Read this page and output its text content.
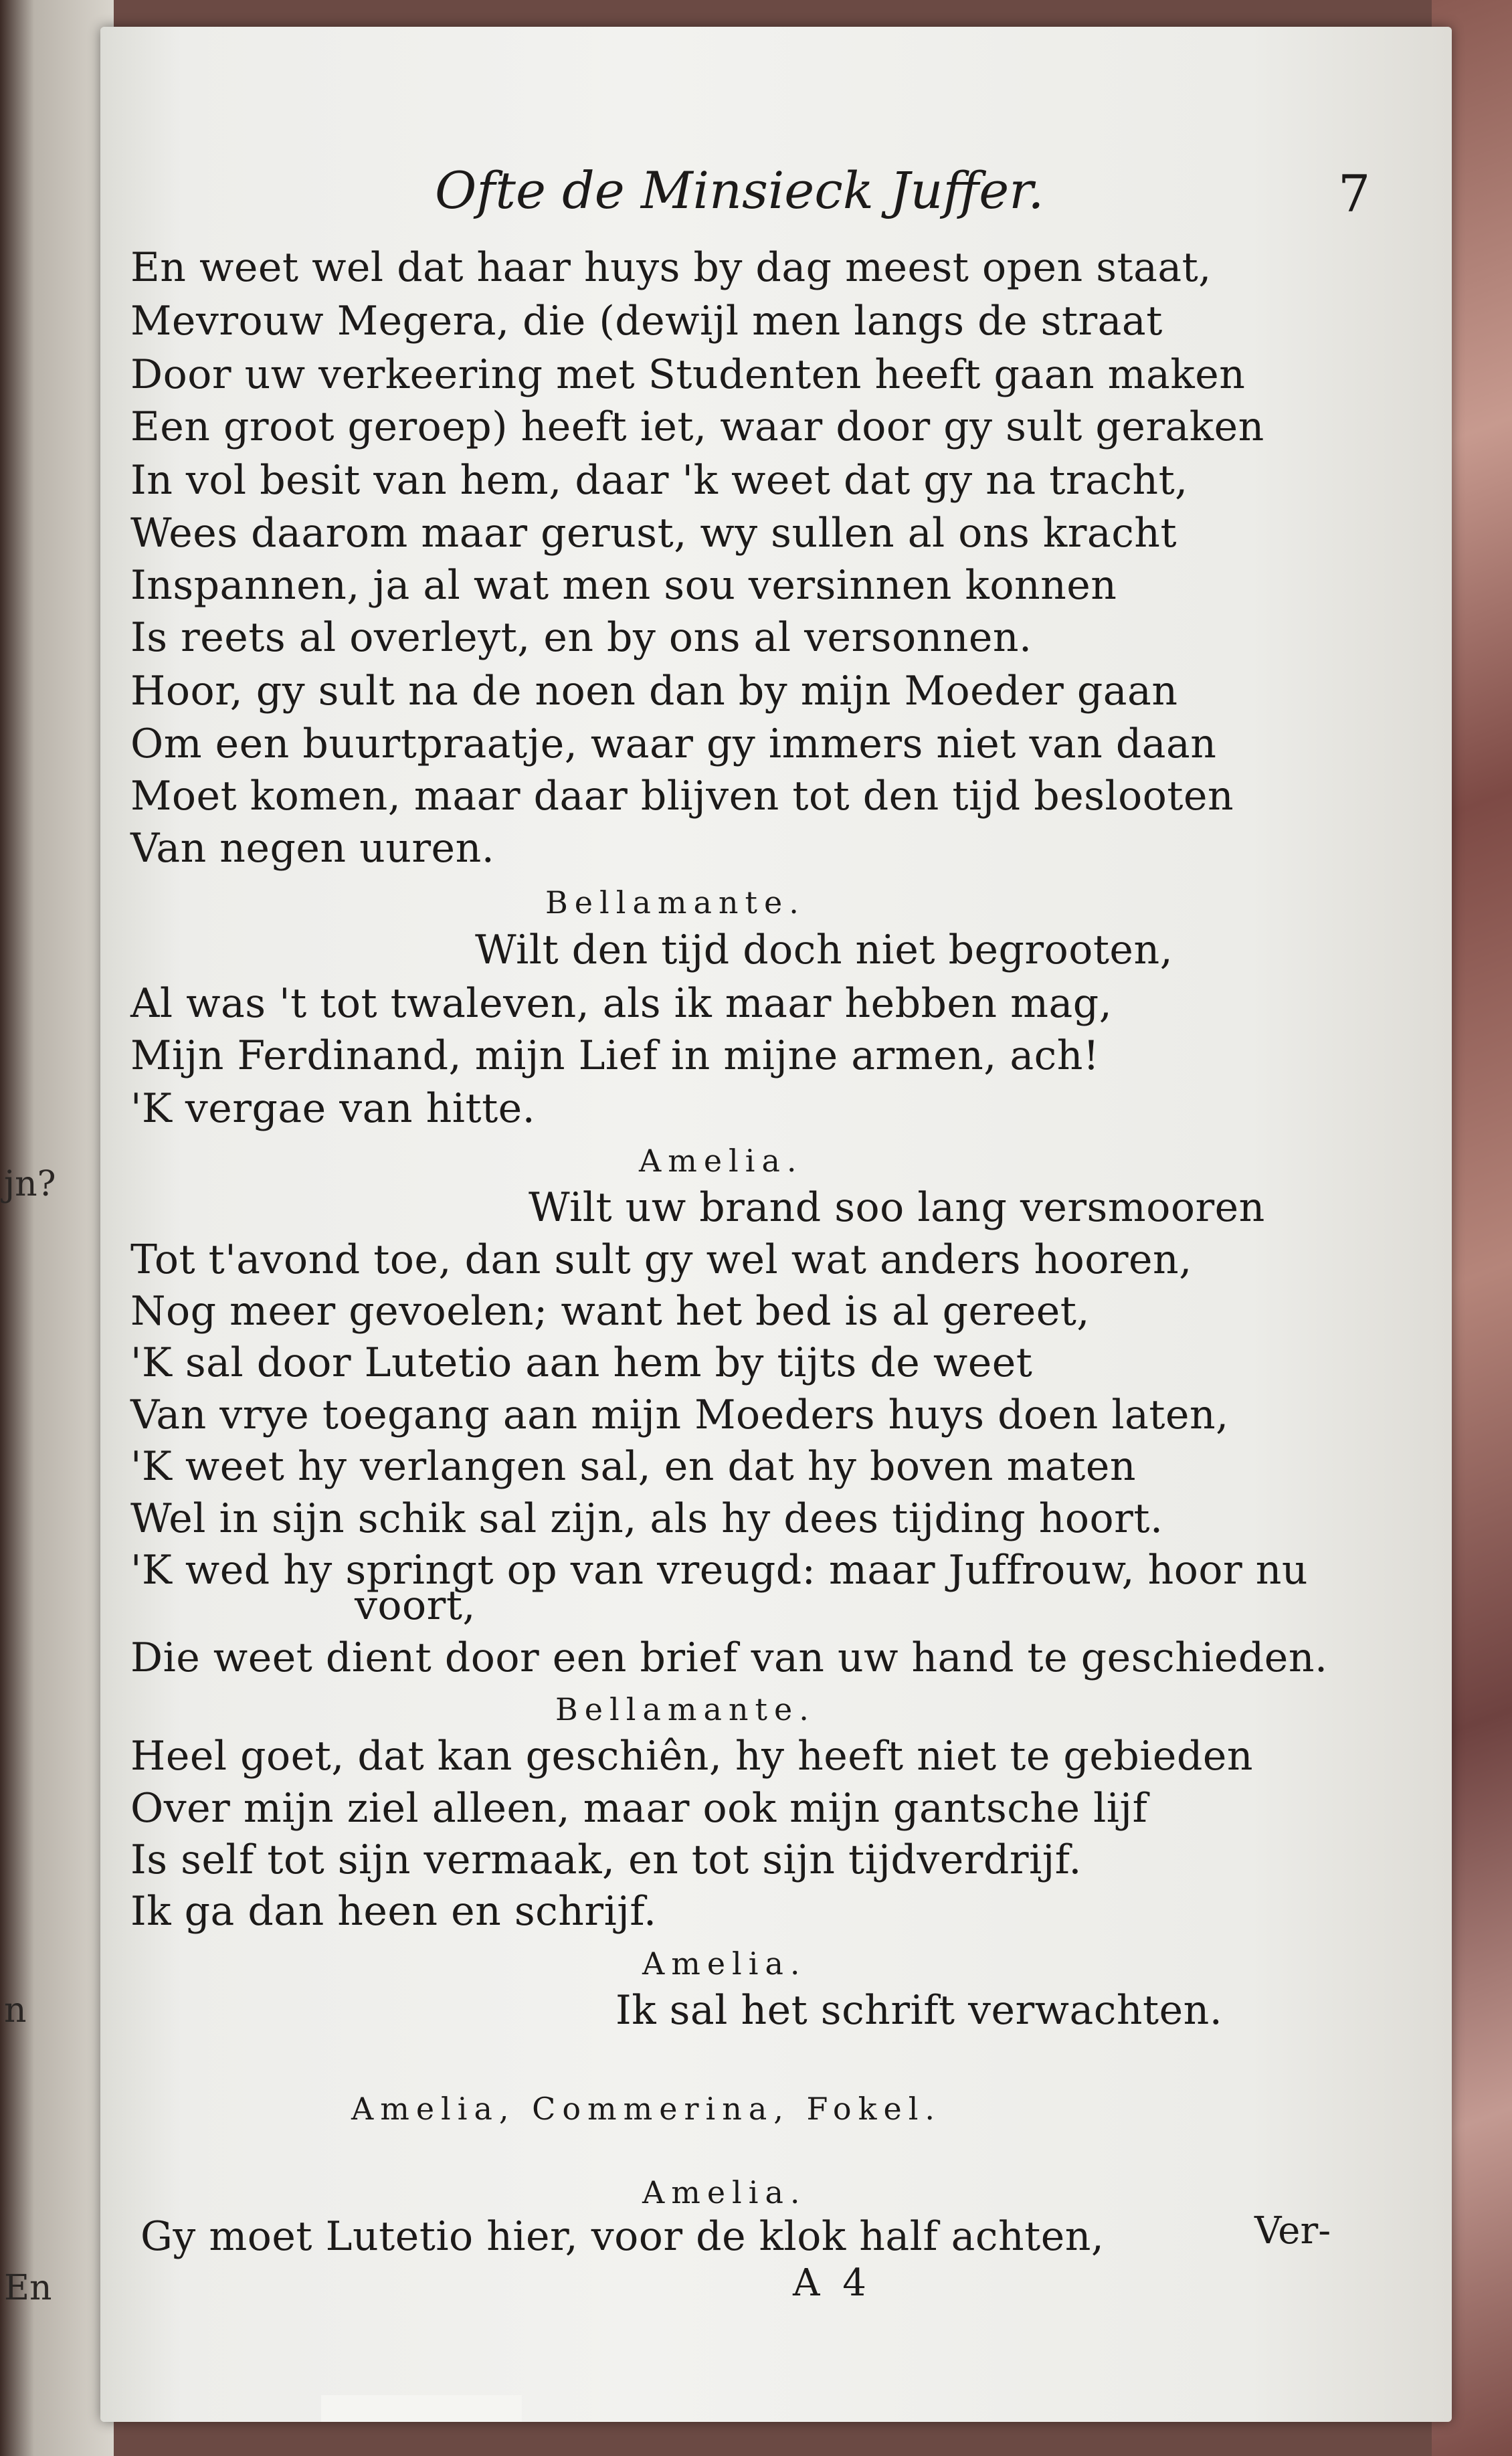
jn?
n
En
Ofte de Minsieck Juffer.	7
En weet wel dat haar huys by dag meest open staat,
Mevrouw Megera, die (dewijl men langs de straat
Door uw verkeering met Studenten heeft gaan maken
Een groot geroep) heeft iet, waar door gy sult geraken
In vol besit van hem, daar 'k weet dat gy na tracht,
Wees daarom maar gerust, wy sullen al ons kracht
Inspannen, ja al wat men sou versinnen konnen
Is reets al overleyt, en by ons al versonnen.
Hoor, gy sult na de noen dan by mijn Moeder gaan
Om een buurtpraatje, waar gy immers niet van daan
Moet komen, maar daar blijven tot den tijd beslooten
Van negen uuren.
Bellamante.
Wilt den tijd doch niet begrooten,
Al was 't tot twaleven, als ik maar hebben mag,
Mijn Ferdinand, mijn Lief in mijne armen, ach!
'K vergae van hitte.
Amelia.
Wilt uw brand soo lang versmooren
Tot t'avond toe, dan sult gy wel wat anders hooren,
Nog meer gevoelen; want het bed is al gereet,
'K sal door Lutetio aan hem by tijts de weet
Van vrye toegang aan mijn Moeders huys doen laten,
'K weet hy verlangen sal, en dat hy boven maten
Wel in sijn schik sal zijn, als hy dees tijding hoort.
'K wed hy springt op van vreugd: maar Juffrouw, hoor nu
voort,
Die weet dient door een brief van uw hand te geschieden.
Bellamante.
Heel goet, dat kan geschiên, hy heeft niet te gebieden
Over mijn ziel alleen, maar ook mijn gantsche lijf
Is self tot sijn vermaak, en tot sijn tijdverdrijf.
Ik ga dan heen en schrijf.
Amelia.
Ik sal het schrift verwachten.
Amelia, Commerina, Fokel.
Amelia.
Gy moet Lutetio hier, voor de klok half achten,
A 4
Ver-
